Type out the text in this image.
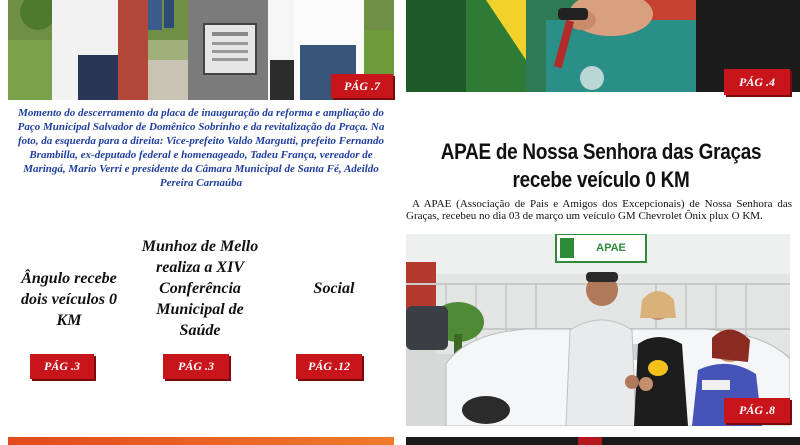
PÁG .7
Momento do descerramento da placa de inauguração da reforma e ampliação do Paço Municipal Salvador de Domênico Sobrinho e da revitalização da Praça. Na foto, da esquerda para a direita: Vice-prefeito Valdo Margutti, prefeito Fernando Brambilla, ex-deputado federal e homenageado, Tadeu França, vereador de Maringá, Mario Verri e presidente da Câmara Municipal de Santa Fé, Adeildo Pereira Carnaúba
PÁG .4
Ângulo recebe dois veículos 0 KM
PÁG .3
Munhoz de Mello realiza a XIV Conferência Municipal de Saúde
PÁG .3
Social
PÁG .12
APAE de Nossa Senhora das Graças recebe veículo 0 KM
A APAE (Associação de Pais e Amigos dos Excepcionais) de Nossa Senhora das Graças, recebeu no dia 03 de março um veículo GM Chevrolet Ônix plux O KM.
APAE
PÁG .8
